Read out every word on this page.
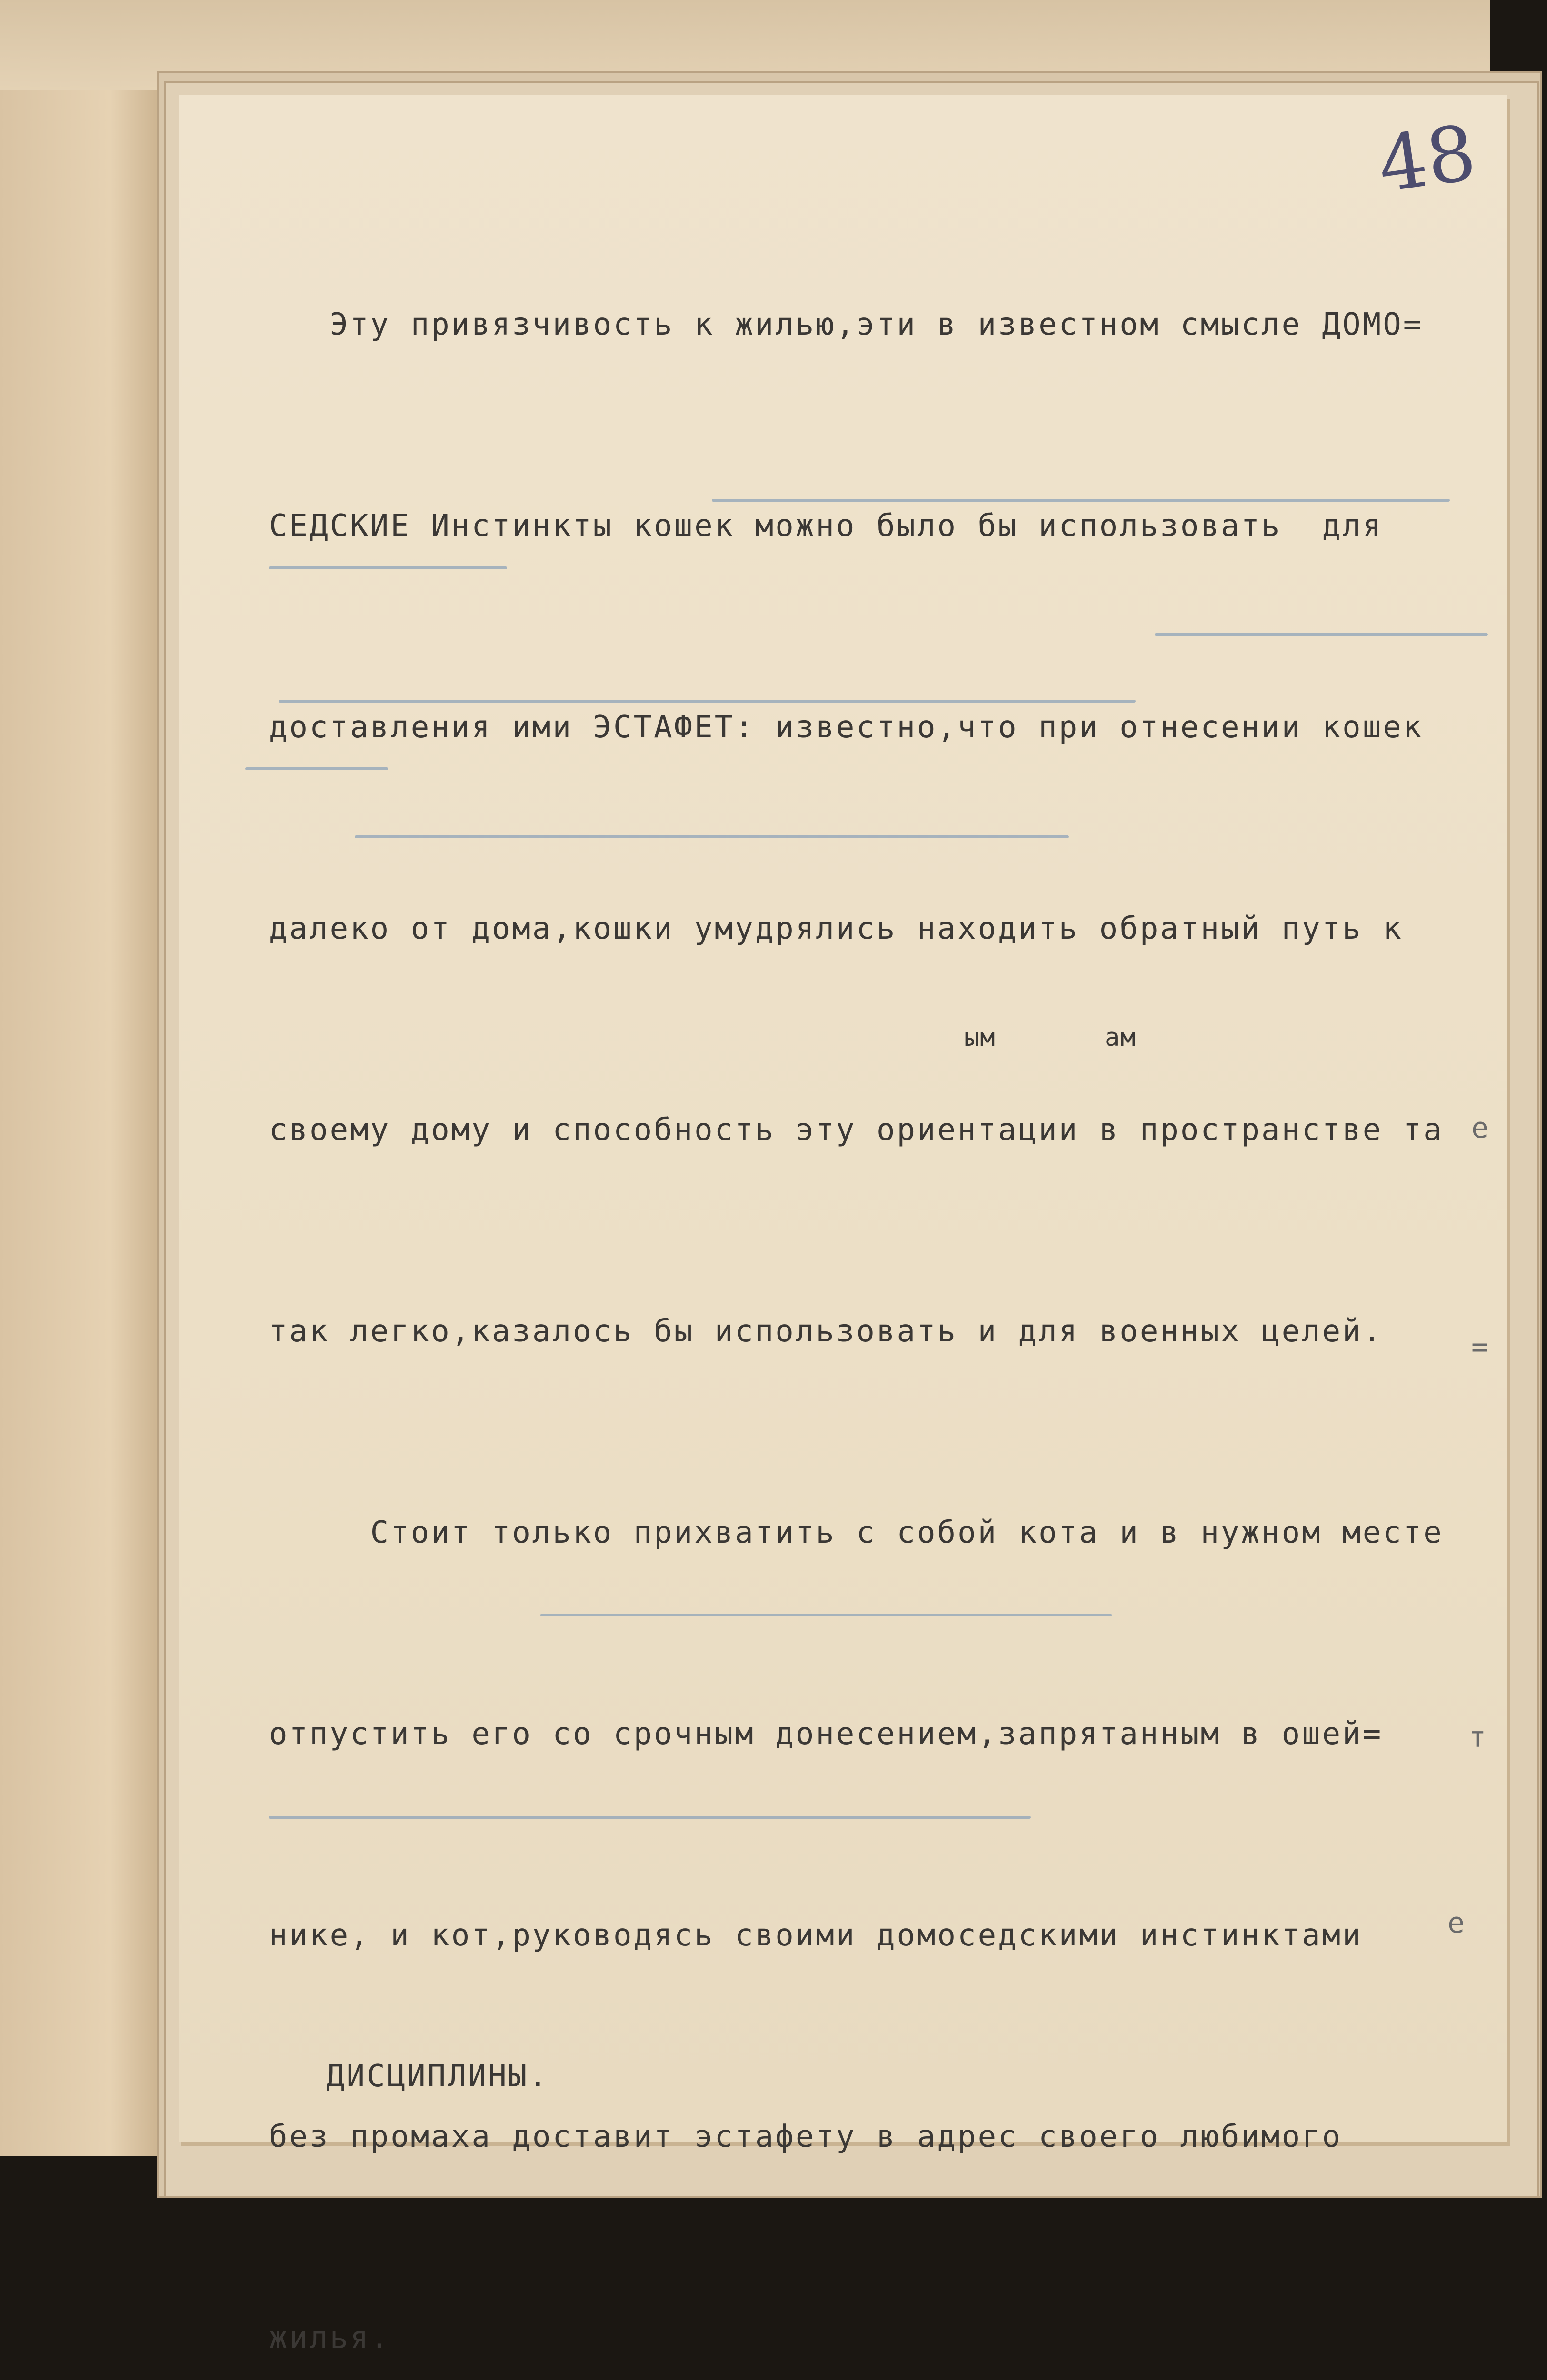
48

Эту привязчивость к жилью,эти в известном смысле ДОМО=

СЕДСКИЕ Инстинкты кошек можно было бы использовать  для

доставления ими ЭСТАФЕТ: известно,что при отнесении кошек

далеко от дома,кошки умудрялись находить обратный путь к

своему дому и способность эту ориентации в пространстве та

так легко,казалось бы использовать и для военных целей.

Стоит только прихватить с собой кота и в нужном месте

отпустить его со срочным донесением,запрятанным в ошей=

нике, и кот,руководясь своими домоседскими инстинктами

без промаха доставит эстафету в адрес своего любимого

жилья.

ым	ам
ДИСЦИПЛИНЫ.
е
=
т
е
